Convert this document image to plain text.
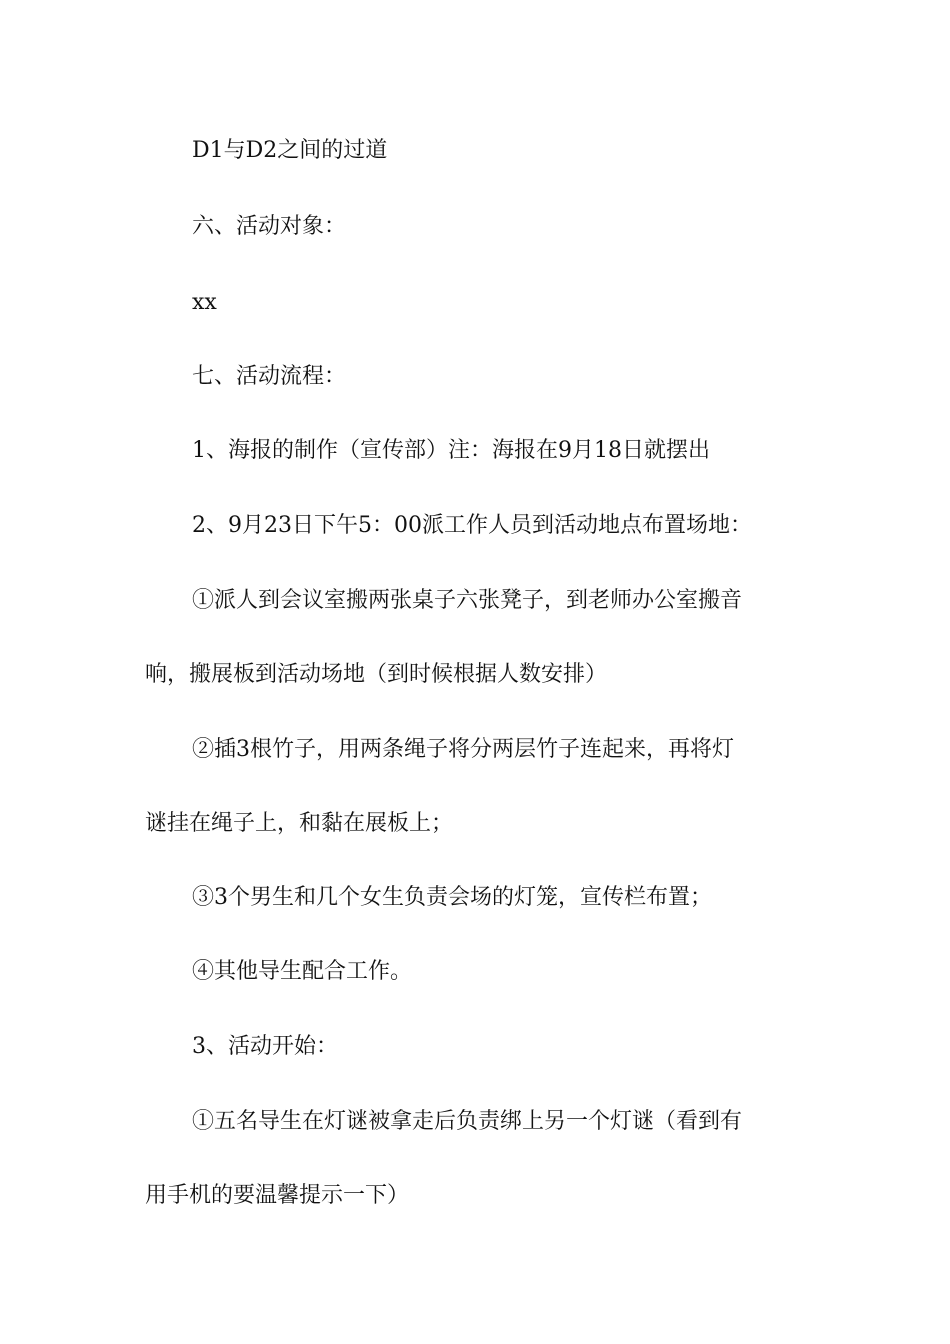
D1与D2之间的过道
六、活动对象：
xx
七、活动流程：
1、海报的制作（宣传部）注：海报在9月18日就摆出
2、9月23日下午5：00派工作人员到活动地点布置场地：
①派人到会议室搬两张桌子六张凳子，到老师办公室搬音
响，搬展板到活动场地（到时候根据人数安排）
②插3根竹子，用两条绳子将分两层竹子连起来，再将灯
谜挂在绳子上，和黏在展板上；
③3个男生和几个女生负责会场的灯笼，宣传栏布置；
④其他导生配合工作。
3、活动开始：
①五名导生在灯谜被拿走后负责绑上另一个灯谜（看到有
用手机的要温馨提示一下）
